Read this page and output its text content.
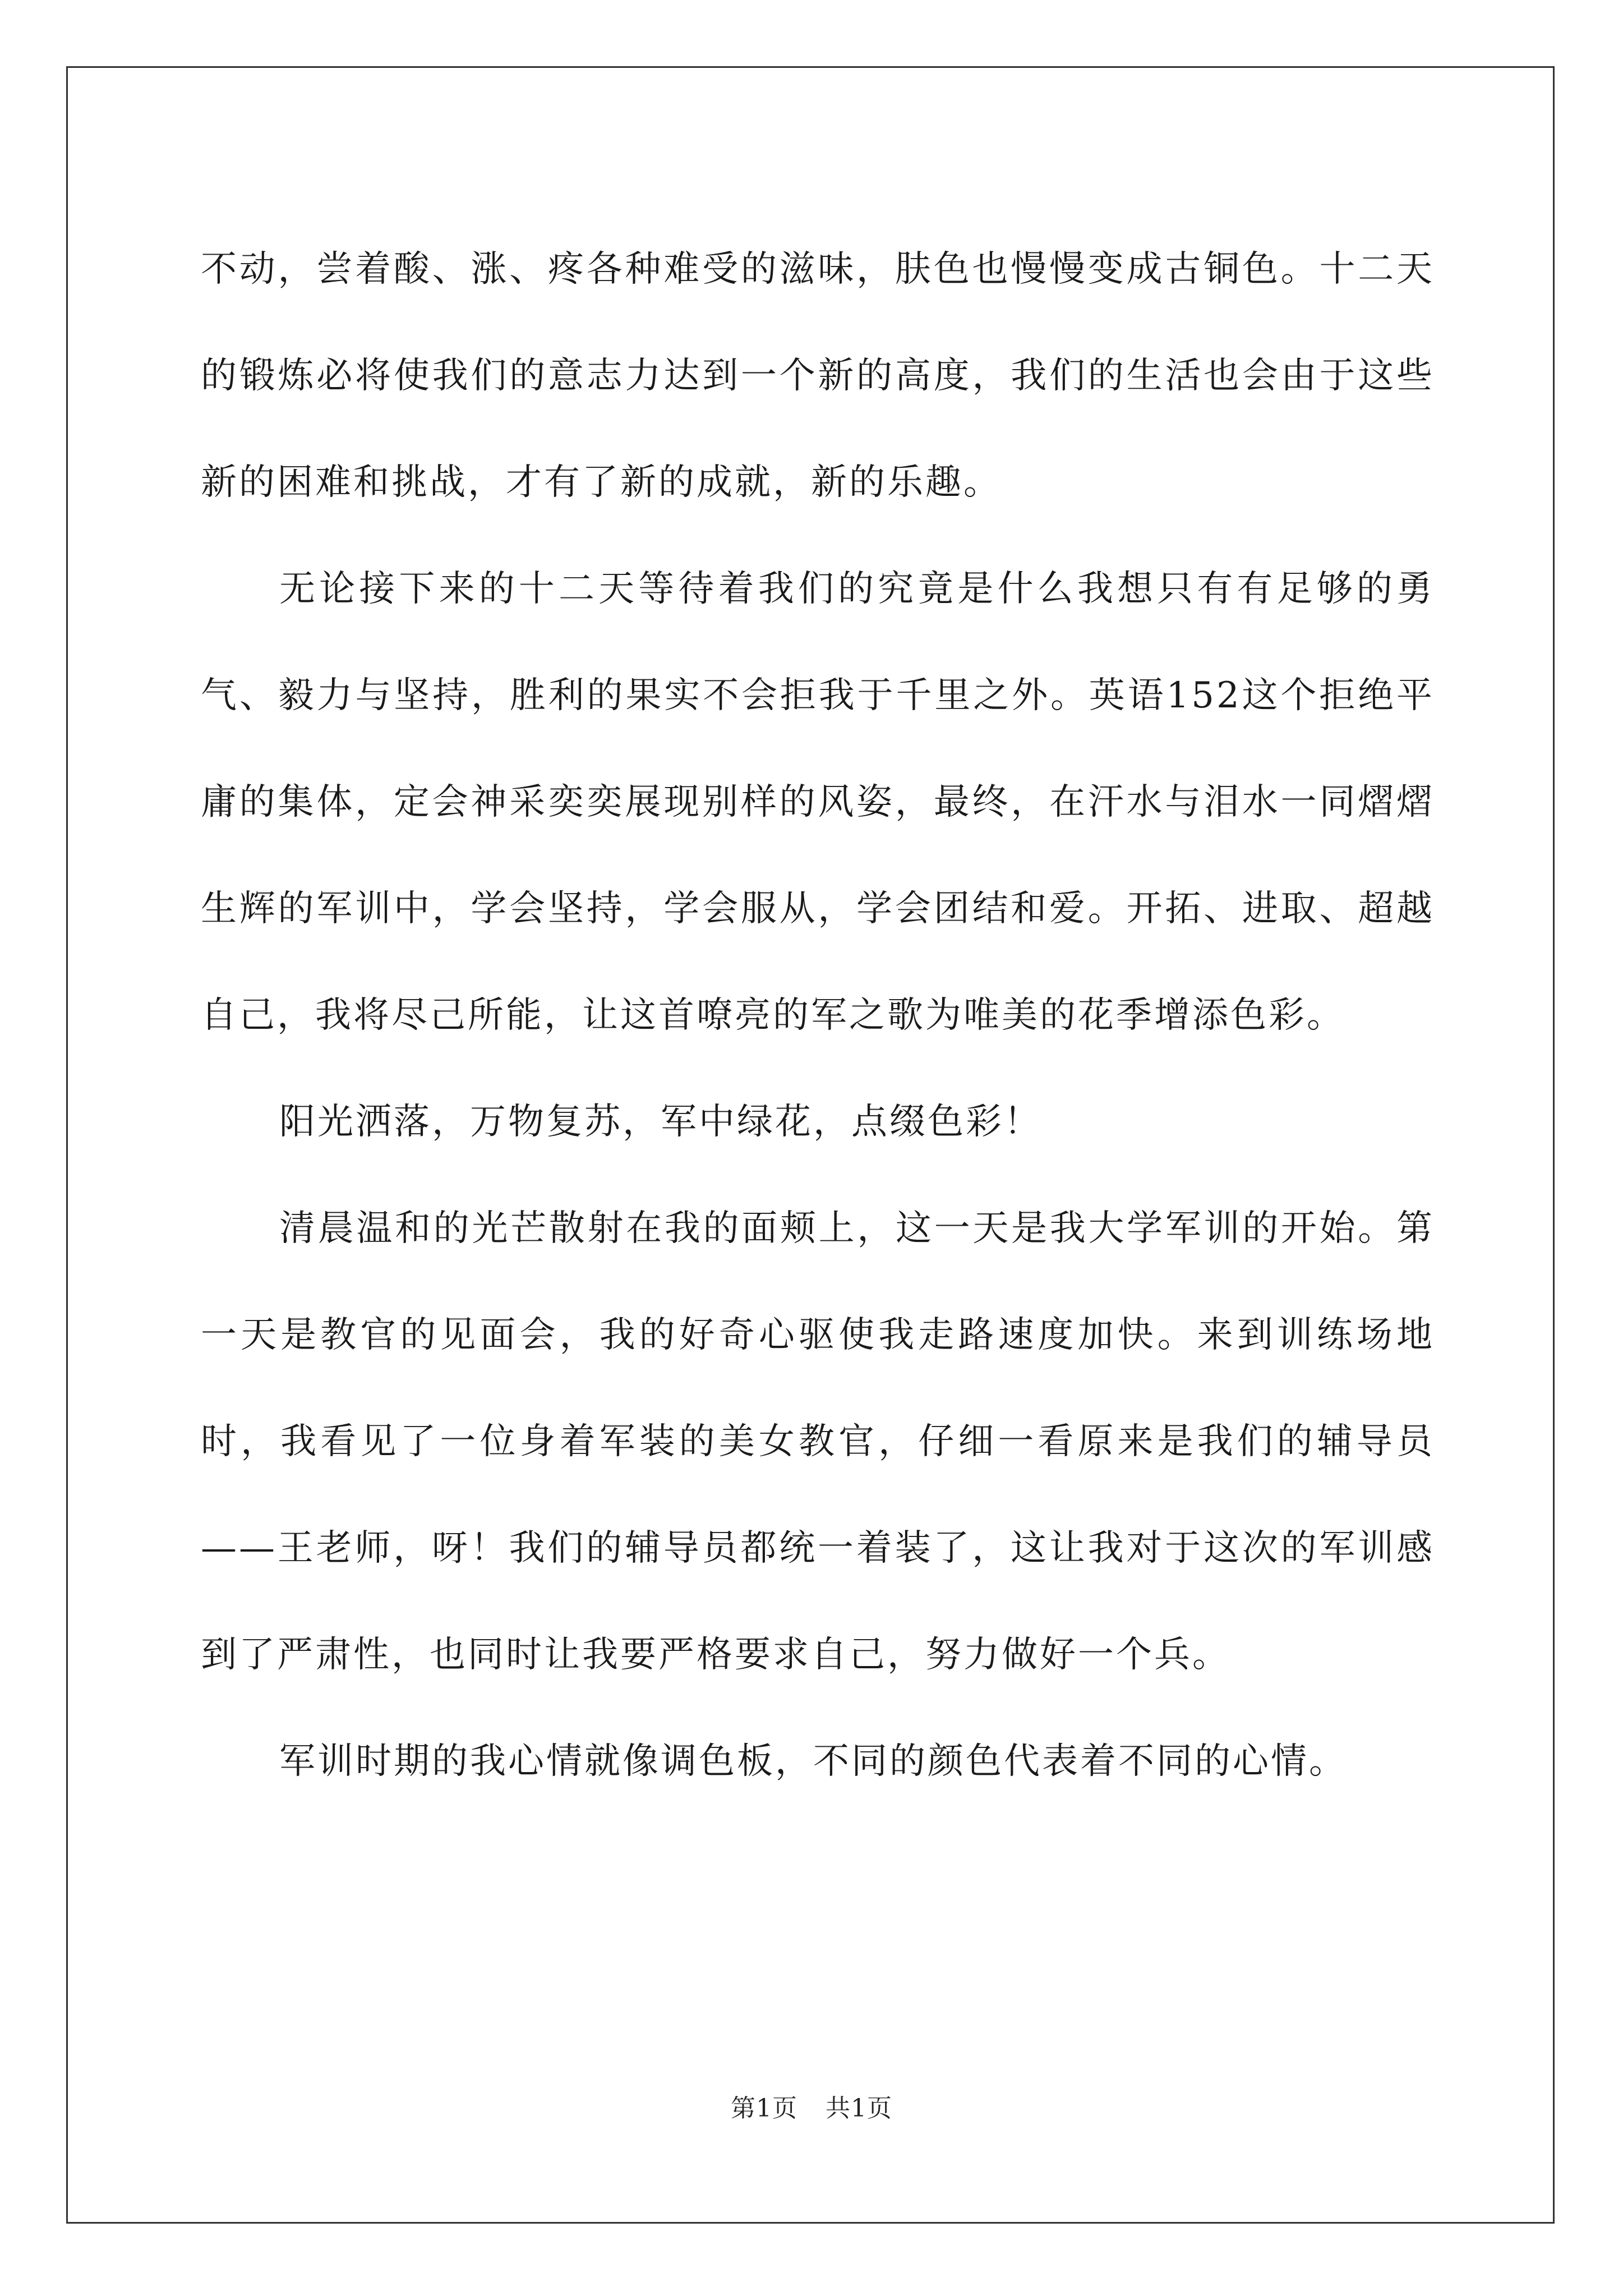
不动，尝着酸、涨、疼各种难受的滋味，肤色也慢慢变成古铜色。十二天的锻炼必将使我们的意志力达到一个新的高度，我们的生活也会由于这些新的困难和挑战，才有了新的成就，新的乐趣。

无论接下来的十二天等待着我们的究竟是什么我想只有有足够的勇气、毅力与坚持，胜利的果实不会拒我于千里之外。英语152这个拒绝平庸的集体，定会神采奕奕展现别样的风姿，最终，在汗水与泪水一同熠熠生辉的军训中，学会坚持，学会服从，学会团结和爱。开拓、进取、超越自己，我将尽己所能，让这首嘹亮的军之歌为唯美的花季增添色彩。

阳光洒落，万物复苏，军中绿花，点缀色彩！

清晨温和的光芒散射在我的面颊上，这一天是我大学军训的开始。第一天是教官的见面会，我的好奇心驱使我走路速度加快。来到训练场地时，我看见了一位身着军装的美女教官，仔细一看原来是我们的辅导员——王老师，呀！我们的辅导员都统一着装了，这让我对于这次的军训感到了严肃性，也同时让我要严格要求自己，努力做好一个兵。

军训时期的我心情就像调色板，不同的颜色代表着不同的心情。

第1页 共1页
